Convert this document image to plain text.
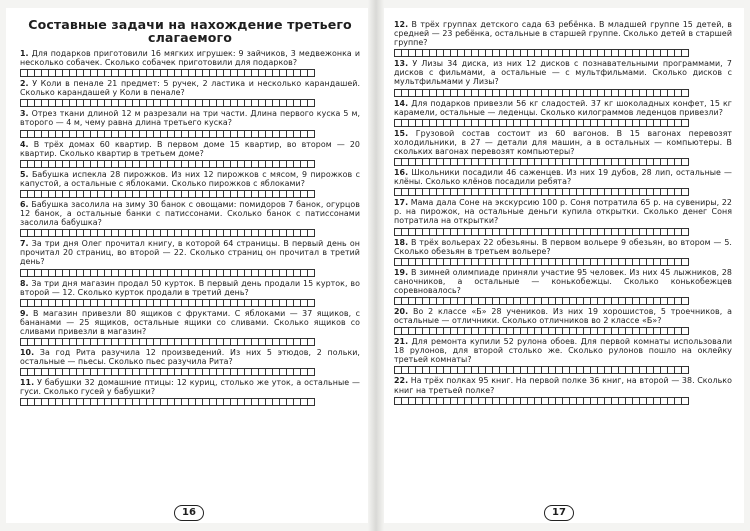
Составные задачи на нахождение третьего слагаемого
1. Для подарков приготовили 16 мягких игрушек: 9 зайчиков, 3 медвежонка и несколько собачек. Сколько собачек приготовили для подарков?
2. У Коли в пенале 21 предмет: 5 ручек, 2 ластика и несколько карандашей. Сколько карандашей у Коли в пенале?
3. Отрез ткани длиной 12 м разрезали на три части. Длина первого куска 5 м, второго — 4 м, чему равна длина третьего куска?
4. В трёх домах 60 квартир. В первом доме 15 квартир, во втором — 20 квартир. Сколько квартир в третьем доме?
5. Бабушка испекла 28 пирожков. Из них 12 пирожков с мясом, 9 пирожков с капустой, а остальные с яблоками. Сколько пирожков с яблоками?
6. Бабушка засолила на зиму 30 банок с овощами: помидоров 7 банок, огурцов 12 банок, а остальные банки с патиссонами. Сколько банок с патиссонами засолила бабушка?
7. За три дня Олег прочитал книгу, в которой 64 страницы. В первый день он прочитал 20 страниц, во второй — 22. Сколько страниц он прочитал в третий день?
8. За три дня магазин продал 50 курток. В первый день продали 15 курток, во второй — 12. Сколько курток продали в третий день?
9. В магазин привезли 80 ящиков с фруктами. С яблоками — 37 ящиков, с бананами — 25 ящиков, остальные ящики со сливами. Сколько ящиков со сливами привезли в магазин?
10. За год Рита разучила 12 произведений. Из них 5 этюдов, 2 польки, остальные — пьесы. Сколько пьес разучила Рита?
11. У бабушки 32 домашние птицы: 12 куриц, столько же уток, а остальные — гуси. Сколько гусей у бабушки?
16
12. В трёх группах детского сада 63 ребёнка. В младшей группе 15 детей, в средней — 23 ребёнка, остальные в старшей группе. Сколько детей в старшей группе?
13. У Лизы 34 диска, из них 12 дисков с познавательными программами, 7 дисков с фильмами, а остальные — с мультфильмами. Сколько дисков с мультфильмами у Лизы?
14. Для подарков привезли 56 кг сладостей. 37 кг шоколадных конфет, 15 кг карамели, остальные — леденцы. Сколько килограммов леденцов привезли?
15. Грузовой состав состоит из 60 вагонов. В 15 вагонах перевозят холодильники, в 27 — детали для машин, а в остальных — компьютеры. В скольких вагонах перевозят компьютеры?
16. Школьники посадили 46 саженцев. Из них 19 дубов, 28 лип, остальные — клёны. Сколько клёнов посадили ребята?
17. Мама дала Соне на экскурсию 100 р. Соня потратила 65 р. на сувениры, 22 р. на пирожок, на остальные деньги купила открытки. Сколько денег Соня потратила на открытки?
18. В трёх вольерах 22 обезьяны. В первом вольере 9 обезьян, во втором — 5. Сколько обезьян в третьем вольере?
19. В зимней олимпиаде приняли участие 95 человек. Из них 45 лыжников, 28 саночников, а остальные — конькобежцы. Сколько конькобежцев соревновалось?
20. Во 2 классе «Б» 28 учеников. Из них 19 хорошистов, 5 троечников, а остальные — отличники. Сколько отличников во 2 классе «Б»?
21. Для ремонта купили 52 рулона обоев. Для первой комнаты использовали 18 рулонов, для второй столько же. Сколько рулонов пошло на оклейку третьей комнаты?
22. На трёх полках 95 книг. На первой полке 36 книг, на второй — 38. Сколько книг на третьей полке?
17
